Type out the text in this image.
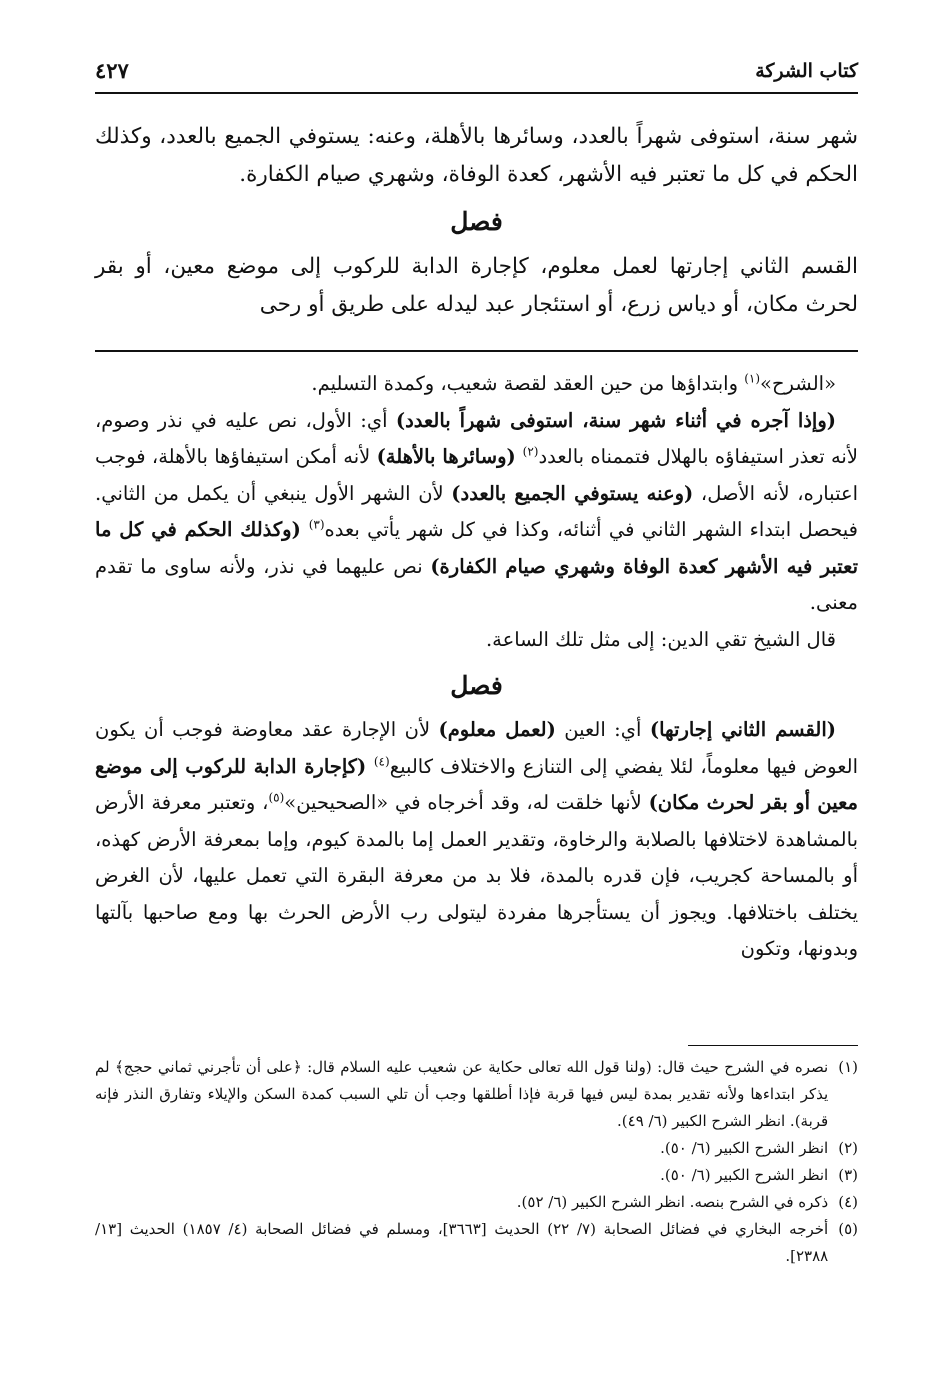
كتاب الشركة
٤٢٧
شهر سنة، استوفى شهراً بالعدد، وسائرها بالأهلة، وعنه: يستوفي الجميع بالعدد، وكذلك الحكم في كل ما تعتبر فيه الأشهر، كعدة الوفاة، وشهري صيام الكفارة.
فصل
القسم الثاني إجارتها لعمل معلوم، كإجارة الدابة للركوب إلى موضع معين، أو بقر لحرث مكان، أو دياس زرع، أو استئجار عبد ليدله على طريق أو رحى

«الشرح»$^{(١)}$ وابتداؤها من حين العقد لقصة شعيب، وكمدة التسليم.

(وإذا آجره في أثناء شهر سنة، استوفى شهراً بالعدد) أي: الأول، نص عليه في نذر وصوم، لأنه تعذر استيفاؤه بالهلال فتممناه بالعدد$^{(٢)}$ (وسائرها بالأهلة) لأنه أمكن استيفاؤها بالأهلة، فوجب اعتباره، لأنه الأصل، (وعنه يستوفي الجميع بالعدد) لأن الشهر الأول ينبغي أن يكمل من الثاني. فيحصل ابتداء الشهر الثاني في أثنائه، وكذا في كل شهر يأتي بعده$^{(٣)}$ (وكذلك الحكم في كل ما تعتبر فيه الأشهر كعدة الوفاة وشهري صيام الكفارة) نص عليهما في نذر، ولأنه ساوى ما تقدم معنى.

قال الشيخ تقي الدين: إلى مثل تلك الساعة.

فصل

(القسم الثاني إجارتها) أي: العين (لعمل معلوم) لأن الإجارة عقد معاوضة فوجب أن يكون العوض فيها معلوماً، لئلا يفضي إلى التنازع والاختلاف كالبيع$^{(٤)}$ (كإجارة الدابة للركوب إلى موضع معين أو بقر لحرث مكان) لأنها خلقت له، وقد أخرجاه في «الصحيحين»$^{(٥)}$، وتعتبر معرفة الأرض بالمشاهدة لاختلافها بالصلابة والرخاوة، وتقدير العمل إما بالمدة كيوم، وإما بمعرفة الأرض كهذه، أو بالمساحة كجريب، فإن قدره بالمدة، فلا بد من معرفة البقرة التي تعمل عليها، لأن الغرض يختلف باختلافها. ويجوز أن يستأجرها مفردة ليتولى رب الأرض الحرث بها ومع صاحبها بآلتها وبدونها، وتكون

(١)
نصره في الشرح حيث قال: (ولنا قول الله تعالى حكاية عن شعيب عليه السلام قال: ﴿على أن تأجرني ثماني حجج﴾ لم يذكر ابتداءها ولأنه تقدير بمدة ليس فيها قربة فإذا أطلقها وجب أن تلي السبب كمدة السكن والإيلاء وتفارق النذر فإنه قربة). انظر الشرح الكبير (٦/ ٤٩).
(٢)
انظر الشرح الكبير (٦/ ٥٠).
(٣)
انظر الشرح الكبير (٦/ ٥٠).
(٤)
ذكره في الشرح بنصه. انظر الشرح الكبير (٦/ ٥٢).
(٥)
أخرجه البخاري في فضائل الصحابة (٧/ ٢٢) الحديث [٣٦٦٣]، ومسلم في فضائل الصحابة (٤/ ١٨٥٧) الحديث [١٣/ ٢٣٨٨].
